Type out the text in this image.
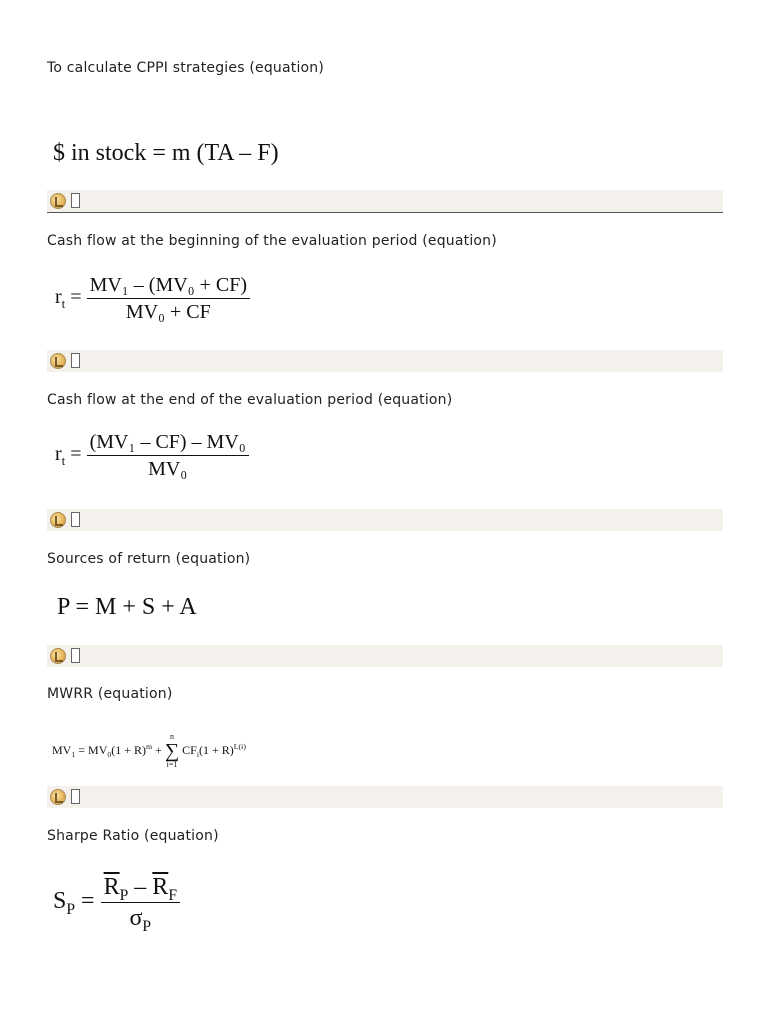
To calculate CPPI strategies (equation)
$ in stock = m (TA – F)
Cash flow at the beginning of the evaluation period (equation)
$r_t = \frac{\text{MV₁ – (MV₀ + CF)}}{\text{MV₀ + CF}}$
Cash flow at the end of the evaluation period (equation)
$r_t = \frac{\text{(MV₁ – CF) – MV₀}}{\text{MV₀}}$
Sources of return (equation)
P = M + S + A
MWRR (equation)
$MV_1 = MV_0(1 + R)^m$ +
n
∑
i=1
$CF_i(1 + R)^{L(i)}$
Sharpe Ratio (equation)
$S_P = \frac{\overline{R}_P - \overline{R}_F}{\sigma_P}$
